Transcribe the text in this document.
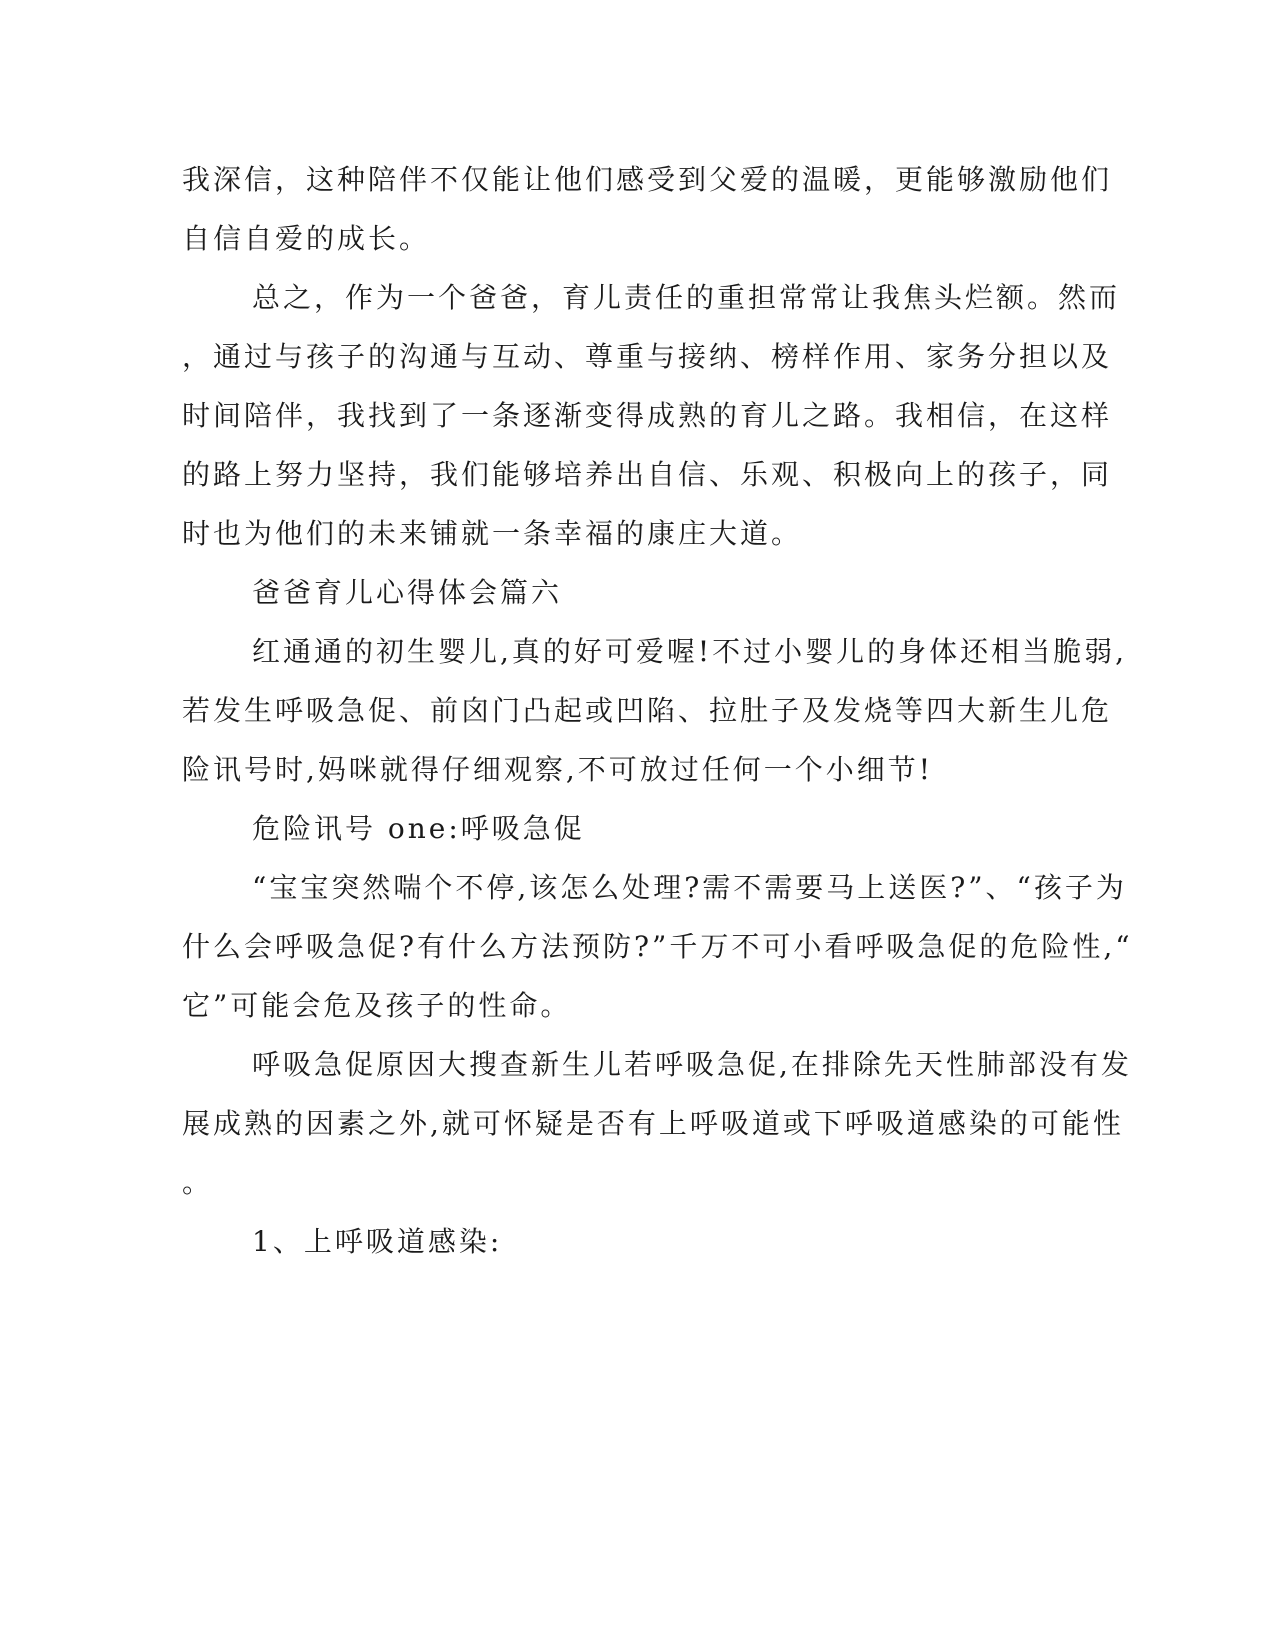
我深信，这种陪伴不仅能让他们感受到父爱的温暖，更能够激励他们
自信自爱的成长。
总之，作为一个爸爸，育儿责任的重担常常让我焦头烂额。然而
，通过与孩子的沟通与互动、尊重与接纳、榜样作用、家务分担以及
时间陪伴，我找到了一条逐渐变得成熟的育儿之路。我相信，在这样
的路上努力坚持，我们能够培养出自信、乐观、积极向上的孩子，同
时也为他们的未来铺就一条幸福的康庄大道。
爸爸育儿心得体会篇六
红通通的初生婴儿,真的好可爱喔!不过小婴儿的身体还相当脆弱,
若发生呼吸急促、前囟门凸起或凹陷、拉肚子及发烧等四大新生儿危
险讯号时,妈咪就得仔细观察,不可放过任何一个小细节!
危险讯号 one:呼吸急促
“宝宝突然喘个不停,该怎么处理?需不需要马上送医?”、“孩子为
什么会呼吸急促?有什么方法预防?”千万不可小看呼吸急促的危险性,“
它”可能会危及孩子的性命。
呼吸急促原因大搜查新生儿若呼吸急促,在排除先天性肺部没有发
展成熟的因素之外,就可怀疑是否有上呼吸道或下呼吸道感染的可能性
。
1、上呼吸道感染:
